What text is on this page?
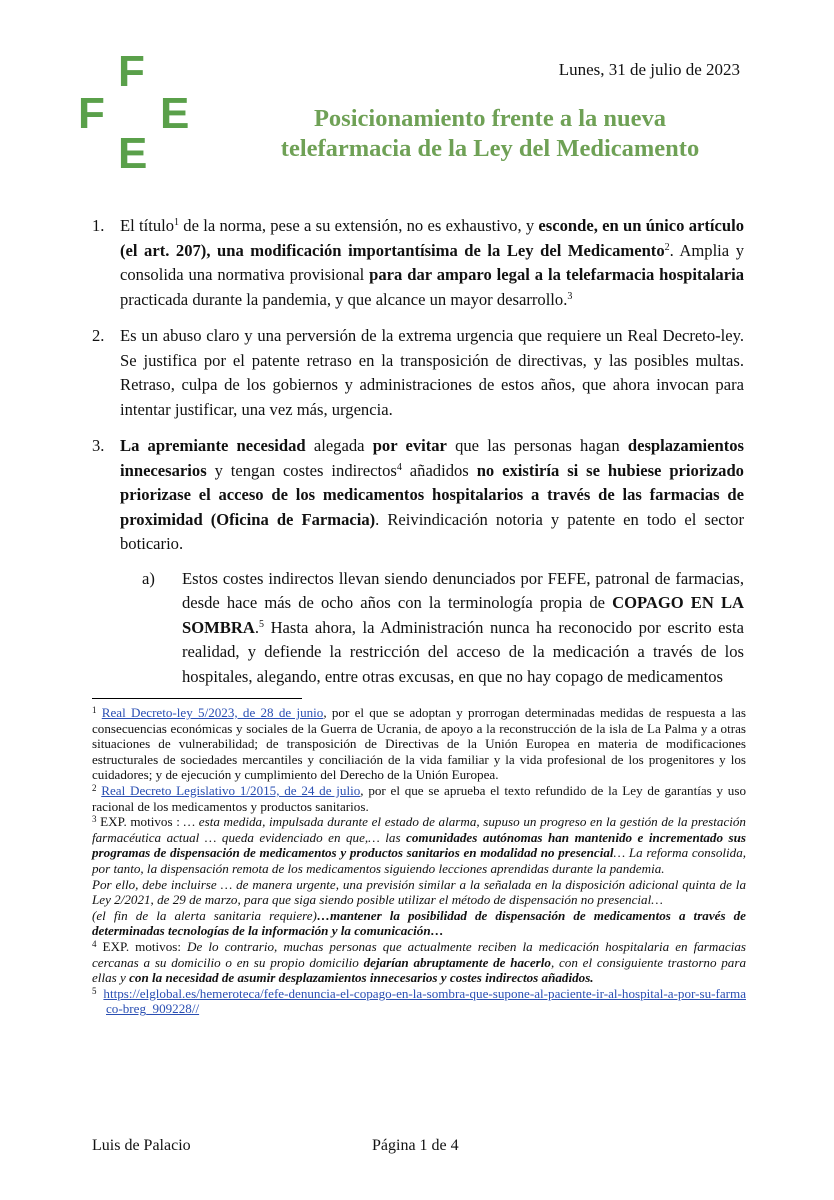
F
F E
E
Lunes, 31 de julio de 2023
Posicionamiento frente a la nueva
telefarmacia de la Ley del Medicamento
1. El título$^1$ de la norma, pese a su extensión, no es exhaustivo, y esconde, en un único artículo (el art. 207), una modificación importantísima de la Ley del Medicamento$^2$. Amplia y consolida una normativa provisional para dar amparo legal a la telefarmacia hospitalaria practicada durante la pandemia, y que alcance un mayor desarrollo.$^3$
2. Es un abuso claro y una perversión de la extrema urgencia que requiere un Real Decreto-ley. Se justifica por el patente retraso en la transposición de directivas, y las posibles multas. Retraso, culpa de los gobiernos y administraciones de estos años, que ahora invocan para intentar justificar, una vez más, urgencia.
3. La apremiante necesidad alegada por evitar que las personas hagan desplazamientos innecesarios y tengan costes indirectos$^4$ añadidos no existiría si se hubiese priorizado priorizase el acceso de los medicamentos hospitalarios a través de las farmacias de proximidad (Oficina de Farmacia). Reivindicación notoria y patente en todo el sector boticario.
a) Estos costes indirectos llevan siendo denunciados por FEFE, patronal de farmacias, desde hace más de ocho años con la terminología propia de COPAGO EN LA SOMBRA.$^5$ Hasta ahora, la Administración nunca ha reconocido por escrito esta realidad, y defiende la restricción del acceso de la medicación a través de los hospitales, alegando, entre otras excusas, en que no hay copago de medicamentos

$^1$ Real Decreto-ley 5/2023, de 28 de junio, por el que se adoptan y prorrogan determinadas medidas de respuesta a las consecuencias económicas y sociales de la Guerra de Ucrania, de apoyo a la reconstrucción de la isla de La Palma y a otras situaciones de vulnerabilidad; de transposición de Directivas de la Unión Europea en materia de modificaciones estructurales de sociedades mercantiles y conciliación de la vida familiar y la vida profesional de los progenitores y los cuidadores; y de ejecución y cumplimiento del Derecho de la Unión Europea.

$^2$ Real Decreto Legislativo 1/2015, de 24 de julio, por el que se aprueba el texto refundido de la Ley de garantías y uso racional de los medicamentos y productos sanitarios.

$^3$ EXP. motivos : … esta medida, impulsada durante el estado de alarma, supuso un progreso en la gestión de la prestación farmacéutica actual … queda evidenciado en que,… las comunidades autónomas han mantenido e incrementado sus programas de dispensación de medicamentos y productos sanitarios en modalidad no presencial… La reforma consolida, por tanto, la dispensación remota de los medicamentos siguiendo lecciones aprendidas durante la pandemia.

Por ello, debe incluirse … de manera urgente, una previsión similar a la señalada en la disposición adicional quinta de la Ley 2/2021, de 29 de marzo, para que siga siendo posible utilizar el método de dispensación no presencial…

(el fin de la alerta sanitaria requiere)…mantener la posibilidad de dispensación de medicamentos a través de determinadas tecnologías de la información y la comunicación…

$^4$ EXP. motivos: De lo contrario, muchas personas que actualmente reciben la medicación hospitalaria en farmacias cercanas a su domicilio o en su propio domicilio dejarían abruptamente de hacerlo, con el consiguiente trastorno para ellas y con la necesidad de asumir desplazamientos innecesarios y costes indirectos añadidos.

$^5$ https://elglobal.es/hemeroteca/fefe-denuncia-el-copago-en-la-sombra-que-supone-al-paciente-ir-al-hospital-a-por-su-farmaco-breg_909228//

Luis de Palacio	Página 1 de 4
